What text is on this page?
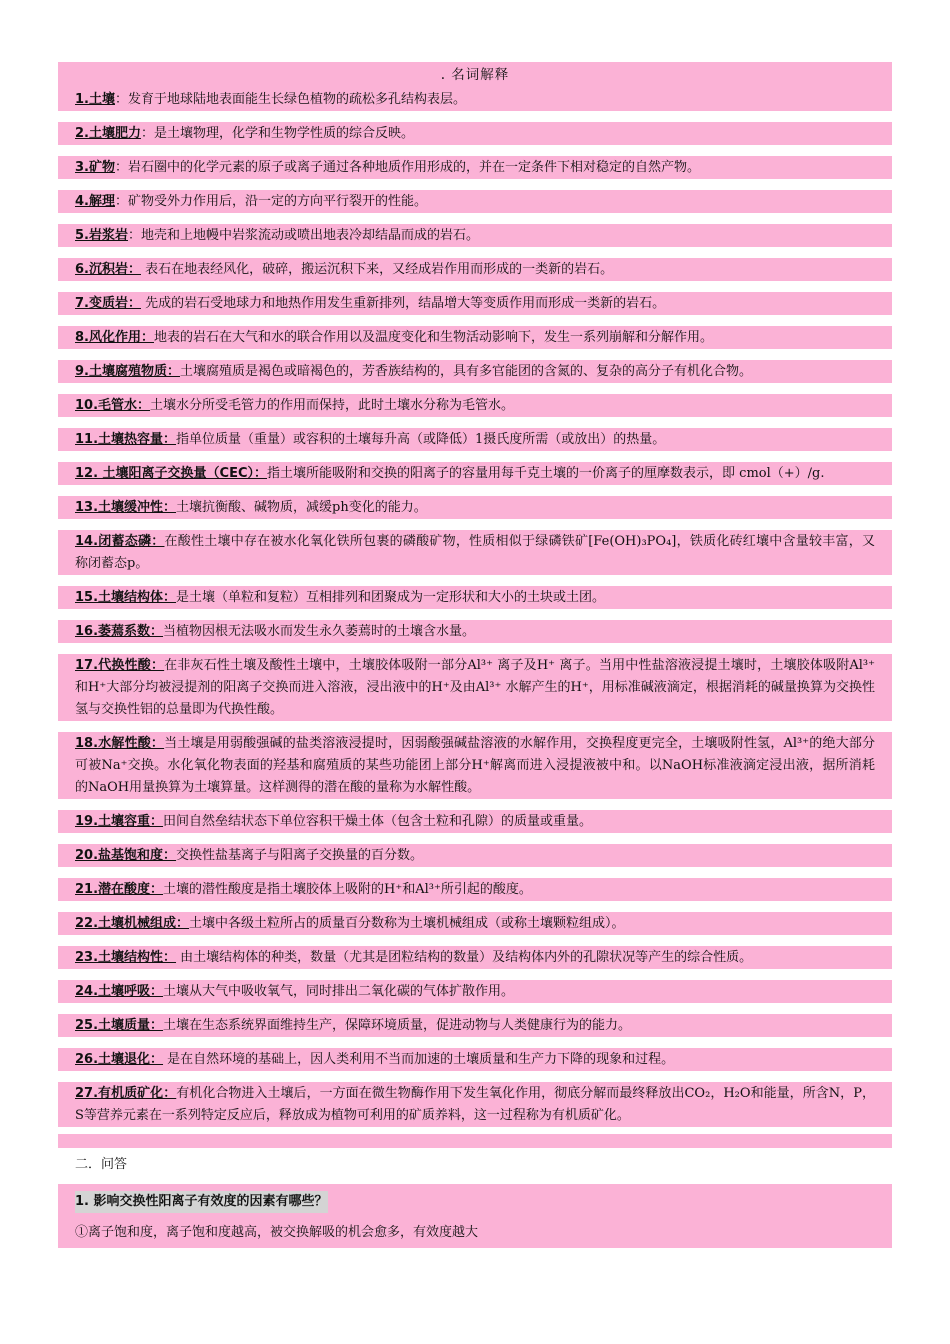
. 名词解释
1.土壤：发育于地球陆地表面能生长绿色植物的疏松多孔结构表层。
2.土壤肥力：是土壤物理，化学和生物学性质的综合反映。
3.矿物：岩石圈中的化学元素的原子或离子通过各种地质作用形成的，并在一定条件下相对稳定的自然产物。
4.解理：矿物受外力作用后，沿一定的方向平行裂开的性能。
5.岩浆岩：地壳和上地幔中岩浆流动或喷出地表冷却结晶而成的岩石。
6.沉积岩： 表石在地表经风化，破碎，搬运沉积下来，又经成岩作用而形成的一类新的岩石。
7.变质岩： 先成的岩石受地球力和地热作用发生重新排列，结晶增大等变质作用而形成一类新的岩石。
8.风化作用：地表的岩石在大气和水的联合作用以及温度变化和生物活动影响下，发生一系列崩解和分解作用。
9.土壤腐殖物质：土壤腐殖质是褐色或暗褐色的，芳香族结构的，具有多官能团的含氮的、复杂的高分子有机化合物。
10.毛管水：土壤水分所受毛管力的作用而保持，此时土壤水分称为毛管水。
11.土壤热容量：指单位质量（重量）或容积的土壤每升高（或降低）1摄氏度所需（或放出）的热量。
12. 土壤阳离子交换量（CEC）：指土壤所能吸附和交换的阳离子的容量用每千克土壤的一价离子的厘摩数表示，即 cmol（+）/g.
13.土壤缓冲性：土壤抗衡酸、碱物质，减缓ph变化的能力。
14.闭蓄态磷：在酸性土壤中存在被水化氧化铁所包裹的磷酸矿物，性质相似于绿磷铁矿[Fe(OH)₃PO₄]，铁质化砖红壤中含量较丰富，又称闭蓄态p。
15.土壤结构体：是土壤（单粒和复粒）互相排列和团聚成为一定形状和大小的土块或土团。
16.萎蔫系数：当植物因根无法吸水而发生永久萎蔫时的土壤含水量。
17.代换性酸：在非灰石性土壤及酸性土壤中，土壤胶体吸附一部分Al³⁺ 离子及H⁺ 离子。当用中性盐溶液浸提土壤时，土壤胶体吸附Al³⁺和H⁺大部分均被浸提剂的阳离子交换而进入溶液，浸出液中的H⁺及由Al³⁺ 水解产生的H⁺，用标准碱液滴定，根据消耗的碱量换算为交换性氢与交换性铝的总量即为代换性酸。
18.水解性酸：当土壤是用弱酸强碱的盐类溶液浸提时，因弱酸强碱盐溶液的水解作用，交换程度更完全，土壤吸附性氢，Al³⁺的绝大部分可被Na⁺交换。水化氧化物表面的羟基和腐殖质的某些功能团上部分H⁺解离而进入浸提液被中和。以NaOH标准液滴定浸出液，据所消耗的NaOH用量换算为土壤算量。这样测得的潜在酸的量称为水解性酸。
19.土壤容重：田间自然垒结状态下单位容积干燥土体（包含土粒和孔隙）的质量或重量。
20.盐基饱和度：交换性盐基离子与阳离子交换量的百分数。
21.潜在酸度：土壤的潜性酸度是指土壤胶体上吸附的H⁺和Al³⁺所引起的酸度。
22.土壤机械组成：土壤中各级土粒所占的质量百分数称为土壤机械组成（或称土壤颗粒组成）。
23.土壤结构性： 由土壤结构体的种类，数量（尤其是团粒结构的数量）及结构体内外的孔隙状况等产生的综合性质。
24.土壤呼吸：土壤从大气中吸收氧气，同时排出二氧化碳的气体扩散作用。
25.土壤质量：土壤在生态系统界面维持生产，保障环境质量，促进动物与人类健康行为的能力。
26.土壤退化： 是在自然环境的基础上，因人类利用不当而加速的土壤质量和生产力下降的现象和过程。
27.有机质矿化：有机化合物进入土壤后，一方面在微生物酶作用下发生氧化作用，彻底分解而最终释放出CO₂，H₂O和能量，所含N，P，S等营养元素在一系列特定反应后，释放成为植物可利用的矿质养料，这一过程称为有机质矿化。
二．问答
1. 影响交换性阳离子有效度的因素有哪些？
①离子饱和度，离子饱和度越高，被交换解吸的机会愈多，有效度越大
